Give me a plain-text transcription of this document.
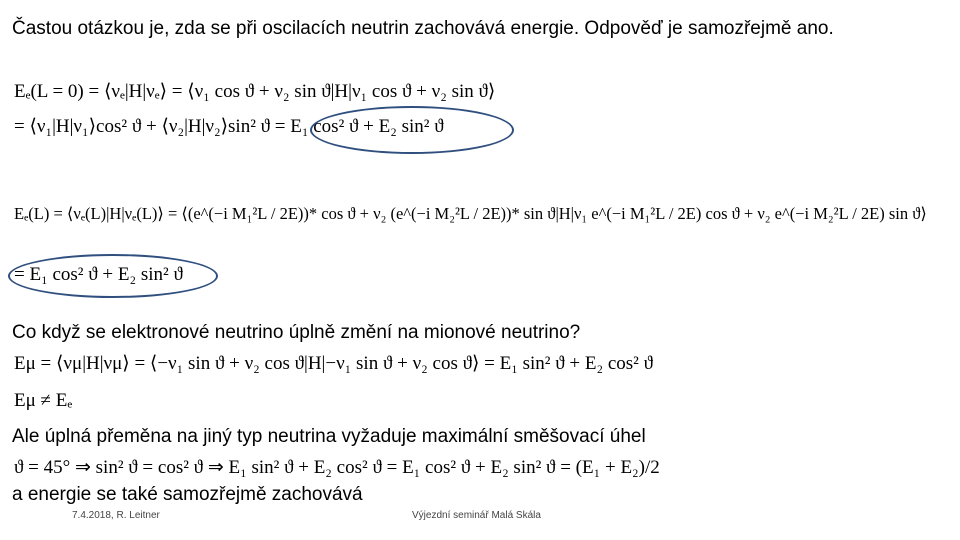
Častou otázkou je, zda se při oscilacích neutrin zachovává energie. Odpověď je samozřejmě ano.
Eₑ(L = 0) = ⟨νₑ|H|νₑ⟩ = ⟨ν₁ cos ϑ + ν₂ sin ϑ|H|ν₁ cos ϑ + ν₂ sin ϑ⟩
= ⟨ν₁|H|ν₁⟩cos² ϑ + ⟨ν₂|H|ν₂⟩sin² ϑ = E₁ cos² ϑ + E₂ sin² ϑ
Eₑ(L) = ⟨νₑ(L)|H|νₑ(L)⟩ = ⟨(e^(−i M₁²L / 2E))* cos ϑ + ν₂ (e^(−i M₂²L / 2E))* sin ϑ|H|ν₁ e^(−i M₁²L / 2E) cos ϑ + ν₂ e^(−i M₂²L / 2E) sin ϑ⟩
= E₁ cos² ϑ + E₂ sin² ϑ
Co když se elektronové neutrino úplně změní na mionové neutrino?
Eμ = ⟨νμ|H|νμ⟩ = ⟨−ν₁ sin ϑ + ν₂ cos ϑ|H|−ν₁ sin ϑ + ν₂ cos ϑ⟩ = E₁ sin² ϑ + E₂ cos² ϑ
Eμ ≠ Eₑ
Ale úplná přeměna na jiný typ neutrina vyžaduje maximální směšovací úhel
ϑ = 45° ⇒ sin² ϑ = cos² ϑ ⇒ E₁ sin² ϑ + E₂ cos² ϑ = E₁ cos² ϑ + E₂ sin² ϑ = (E₁ + E₂)/2
a energie se také samozřejmě zachovává
7.4.2018, R. Leitner	Výjezdní seminář Malá Skála
